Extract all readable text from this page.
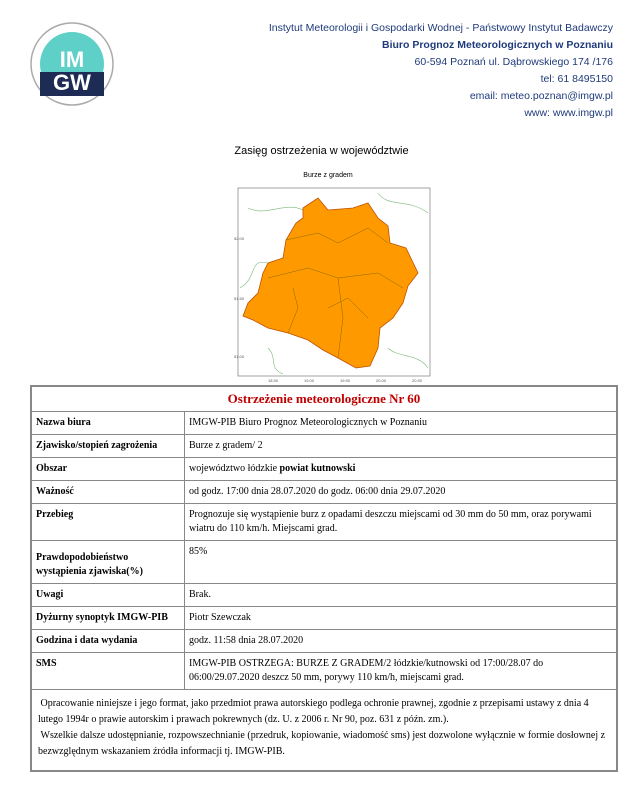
IM
GW
Instytut Meteorologii i Gospodarki Wodnej - Państwowy Instytut Badawczy
Biuro Prognoz Meteorologicznych w Poznaniu
60-594 Poznań ul. Dąbrowskiego 174 /176
tel: 61 8495150
email: meteo.poznan@imgw.pl
www: www.imgw.pl
Zasięg ostrzeżenia w województwie
Burze z gradem
52.00
51.50
51.00
18.50	19.00	19.50	20.00	20.50
Ostrzeżenie meteorologiczne Nr 60	
Nazwa biura	IMGW-PIB Biuro Prognoz Meteorologicznych w Poznaniu
Zjawisko/stopień zagrożenia	Burze z gradem/ 2
Obszar	województwo łódzkie powiat kutnowski
Ważność	od godz. 17:00 dnia 28.07.2020 do godz. 06:00 dnia 29.07.2020
Przebieg	Prognozuje się wystąpienie burz z opadami deszczu miejscami od 30 mm do 50 mm, oraz porywami wiatru do 110 km/h. Miejscami grad.
Prawdopodobieństwo wystąpienia zjawiska(%)	85%
Uwagi	Brak.
Dyżurny synoptyk IMGW-PIB	Piotr Szewczak
Godzina i data wydania	godz. 11:58 dnia 28.07.2020
SMS	IMGW-PIB OSTRZEGA: BURZE Z GRADEM/2 łódzkie/kutnowski od 17:00/28.07 do 06:00/29.07.2020 deszcz 50 mm, porywy 110 km/h, miejscami grad.
Opracowanie niniejsze i jego format, jako przedmiot prawa autorskiego podlega ochronie prawnej, zgodnie z przepisami ustawy z dnia 4 lutego 1994r o prawie autorskim i prawach pokrewnych (dz. U. z 2006 r. Nr 90, poz. 631 z późn. zm.).
Wszelkie dalsze udostępnianie, rozpowszechnianie (przedruk, kopiowanie, wiadomość sms) jest dozwolone wyłącznie w formie dosłownej z bezwzględnym wskazaniem źródła informacji tj. IMGW-PIB.	
